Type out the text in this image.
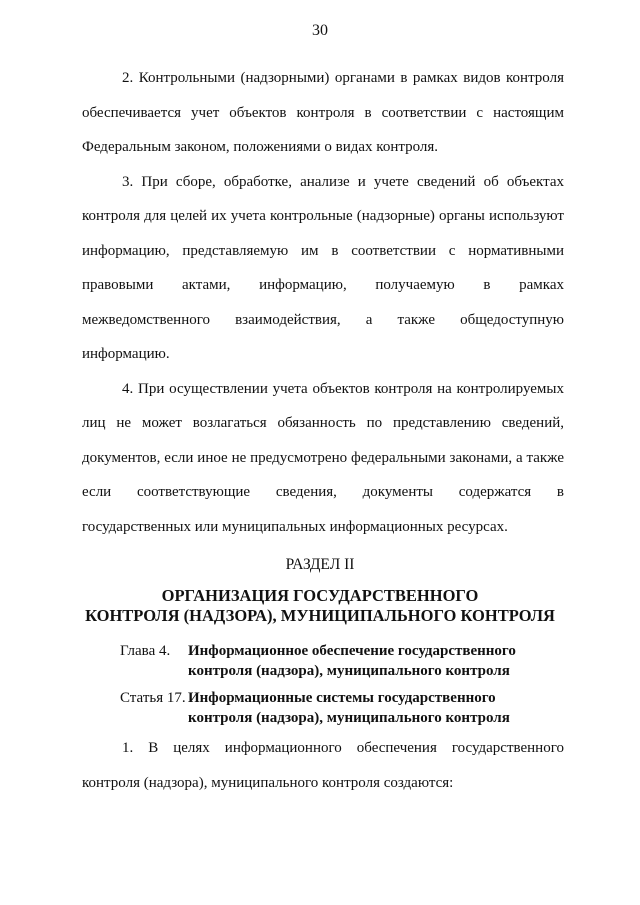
30

2. Контрольными (надзорными) органами в рамках видов контроля обеспечивается учет объектов контроля в соответствии с настоящим Федеральным законом, положениями о видах контроля.

3. При сборе, обработке, анализе и учете сведений об объектах контроля для целей их учета контрольные (надзорные) органы используют информацию, представляемую им в соответствии с нормативными правовыми актами, информацию, получаемую в рамках межведомственного взаимодействия, а также общедоступную информацию.

4. При осуществлении учета объектов контроля на контролируемых лиц не может возлагаться обязанность по представлению сведений, документов, если иное не предусмотрено федеральными законами, а также если соответствующие сведения, документы содержатся в государственных или муниципальных информационных ресурсах.

РАЗДЕЛ II
ОРГАНИЗАЦИЯ ГОСУДАРСТВЕННОГО
КОНТРОЛЯ (НАДЗОРА), МУНИЦИПАЛЬНОГО КОНТРОЛЯ
Глава 4. Информационное обеспечение государственного
контроля (надзора), муниципального контроля
Статья 17. Информационные системы государственного
контроля (надзора), муниципального контроля

1. В целях информационного обеспечения государственного контроля (надзора), муниципального контроля создаются:
